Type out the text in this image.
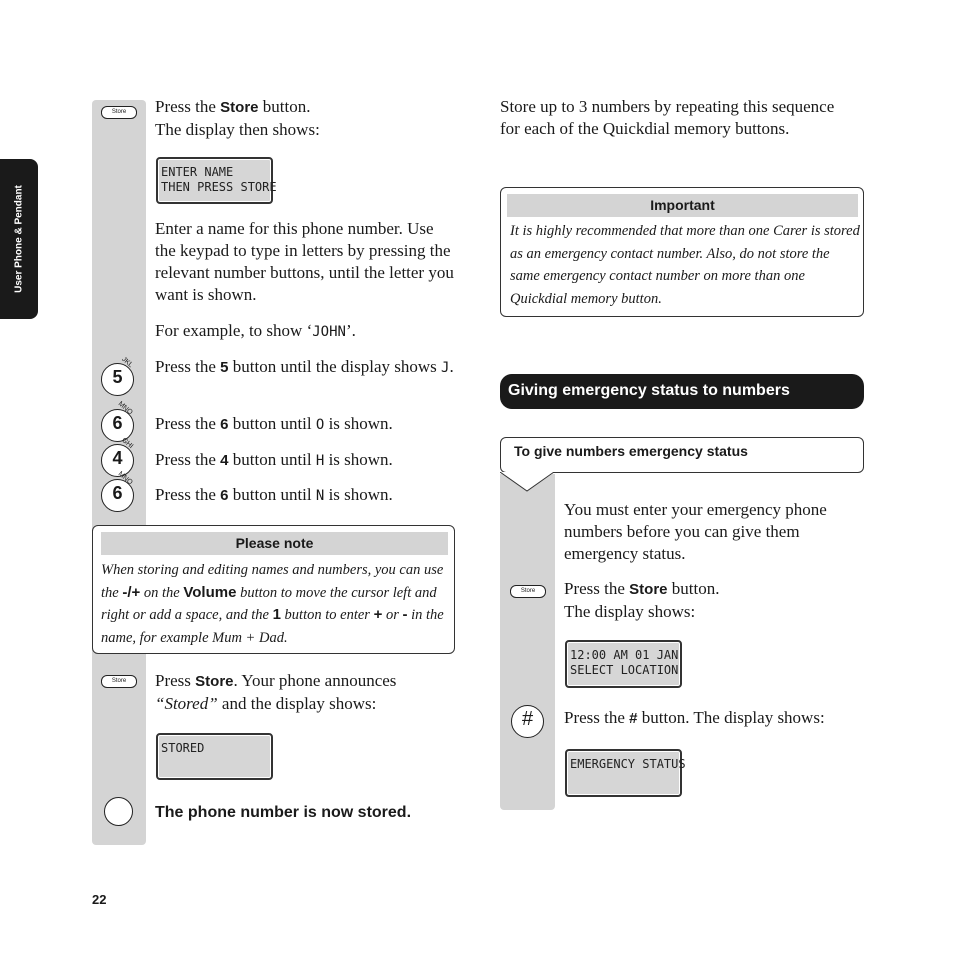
User Phone & Pendant
Store	Press the Store button.
The display then shows:
ENTER NAME
THEN PRESS STORE
Enter a name for this phone number. Use the keypad to type in letters by pressing the relevant number buttons, until the letter you want is shown.
For example, to show ‘JOHN’.
5
JKL Press the 5 button until the display shows J.
6
MNO
Press the 6 button until O is shown.
4
GHI
Press the 4 button until H is shown.
6
MNO
Press the 6 button until N is shown.
Please note
When storing and editing names and numbers, you can use the -/+ on the Volume button to move the cursor left and right or add a space, and the 1 button to enter + or - in the name, for example Mum + Dad.
Store	Press Store. Your phone announces “Stored” and the display shows:
STORED
The phone number is now stored.
22
Store up to 3 numbers by repeating this sequence for each of the Quickdial memory buttons.
Important
It is highly recommended that more than one Carer is stored as an emergency contact number. Also, do not store the same emergency contact number on more than one Quickdial memory button.
Giving emergency status to numbers
To give numbers emergency status
You must enter your emergency phone numbers before you can give them emergency status.
Store	Press the Store button.
The display shows:
12:00 AM 01 JAN
SELECT LOCATION
#	Press the # button. The display shows:
EMERGENCY STATUS
